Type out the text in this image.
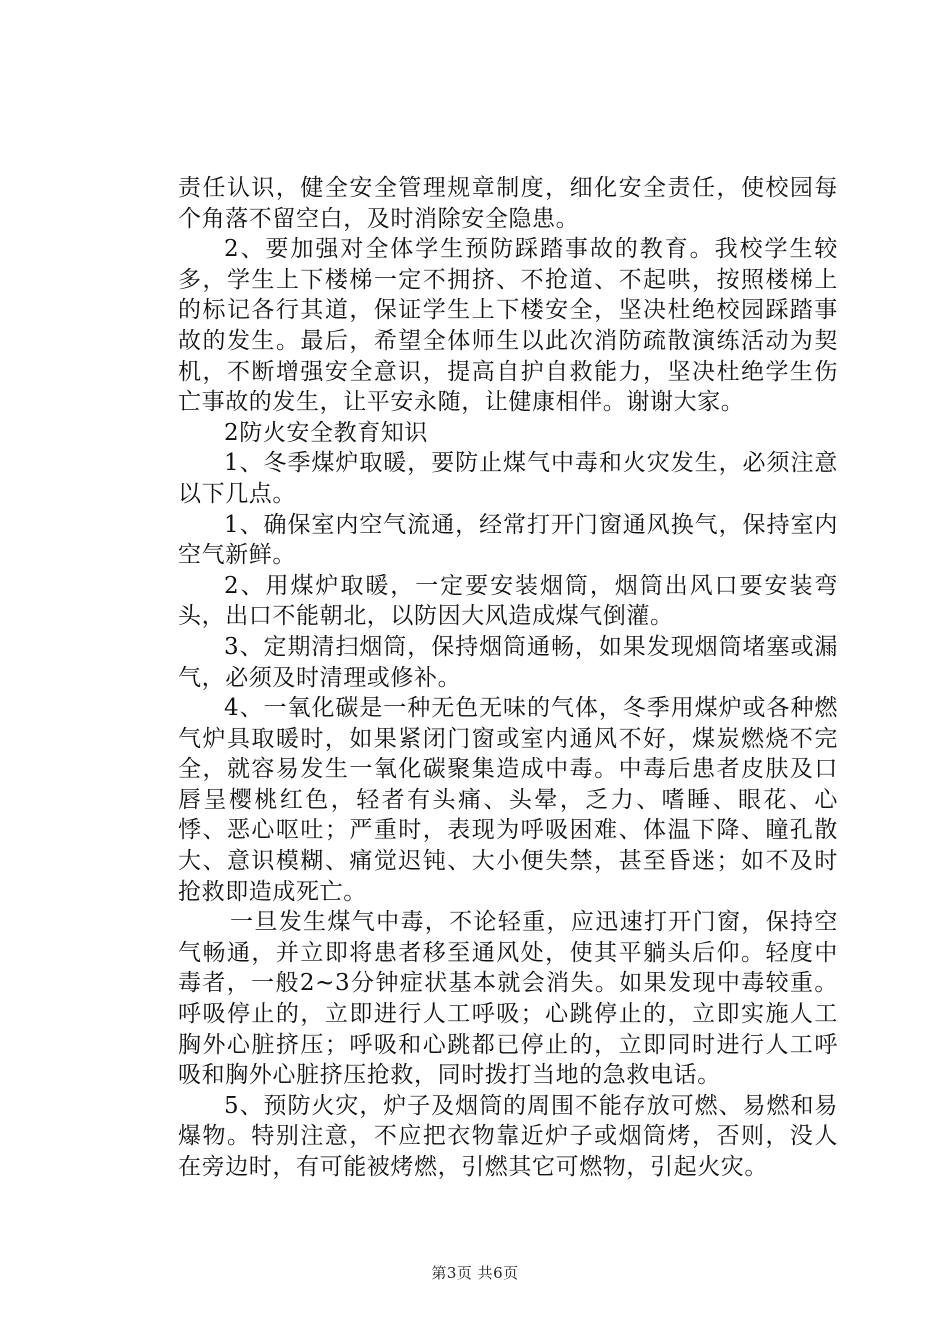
责任认识，健全安全管理规章制度，细化安全责任，使校园每个角落不留空白，及时消除安全隐患。

2、要加强对全体学生预防踩踏事故的教育。我校学生较多，学生上下楼梯一定不拥挤、不抢道、不起哄，按照楼梯上的标记各行其道，保证学生上下楼安全，坚决杜绝校园踩踏事故的发生。最后，希望全体师生以此次消防疏散演练活动为契机，不断增强安全意识，提高自护自救能力，坚决杜绝学生伤亡事故的发生，让平安永随，让健康相伴。谢谢大家。

2防火安全教育知识

1、冬季煤炉取暖，要防止煤气中毒和火灾发生，必须注意以下几点。

1、确保室内空气流通，经常打开门窗通风换气，保持室内空气新鲜。

2、用煤炉取暖，一定要安装烟筒，烟筒出风口要安装弯头，出口不能朝北，以防因大风造成煤气倒灌。

3、定期清扫烟筒，保持烟筒通畅，如果发现烟筒堵塞或漏气，必须及时清理或修补。

4、一氧化碳是一种无色无味的气体，冬季用煤炉或各种燃气炉具取暖时，如果紧闭门窗或室内通风不好，煤炭燃烧不完全，就容易发生一氧化碳聚集造成中毒。中毒后患者皮肤及口唇呈樱桃红色，轻者有头痛、头晕，乏力、嗜睡、眼花、心悸、恶心呕吐；严重时，表现为呼吸困难、体温下降、瞳孔散大、意识模糊、痛觉迟钝、大小便失禁，甚至昏迷；如不及时抢救即造成死亡。

一旦发生煤气中毒，不论轻重，应迅速打开门窗，保持空气畅通，并立即将患者移至通风处，使其平躺头后仰。轻度中毒者，一般2~3分钟症状基本就会消失。如果发现中毒较重。呼吸停止的，立即进行人工呼吸；心跳停止的，立即实施人工胸外心脏挤压；呼吸和心跳都已停止的，立即同时进行人工呼吸和胸外心脏挤压抢救，同时拨打当地的急救电话。

5、预防火灾，炉子及烟筒的周围不能存放可燃、易燃和易爆物。特别注意，不应把衣物靠近炉子或烟筒烤，否则，没人在旁边时，有可能被烤燃，引燃其它可燃物，引起火灾。

第3页 共6页
